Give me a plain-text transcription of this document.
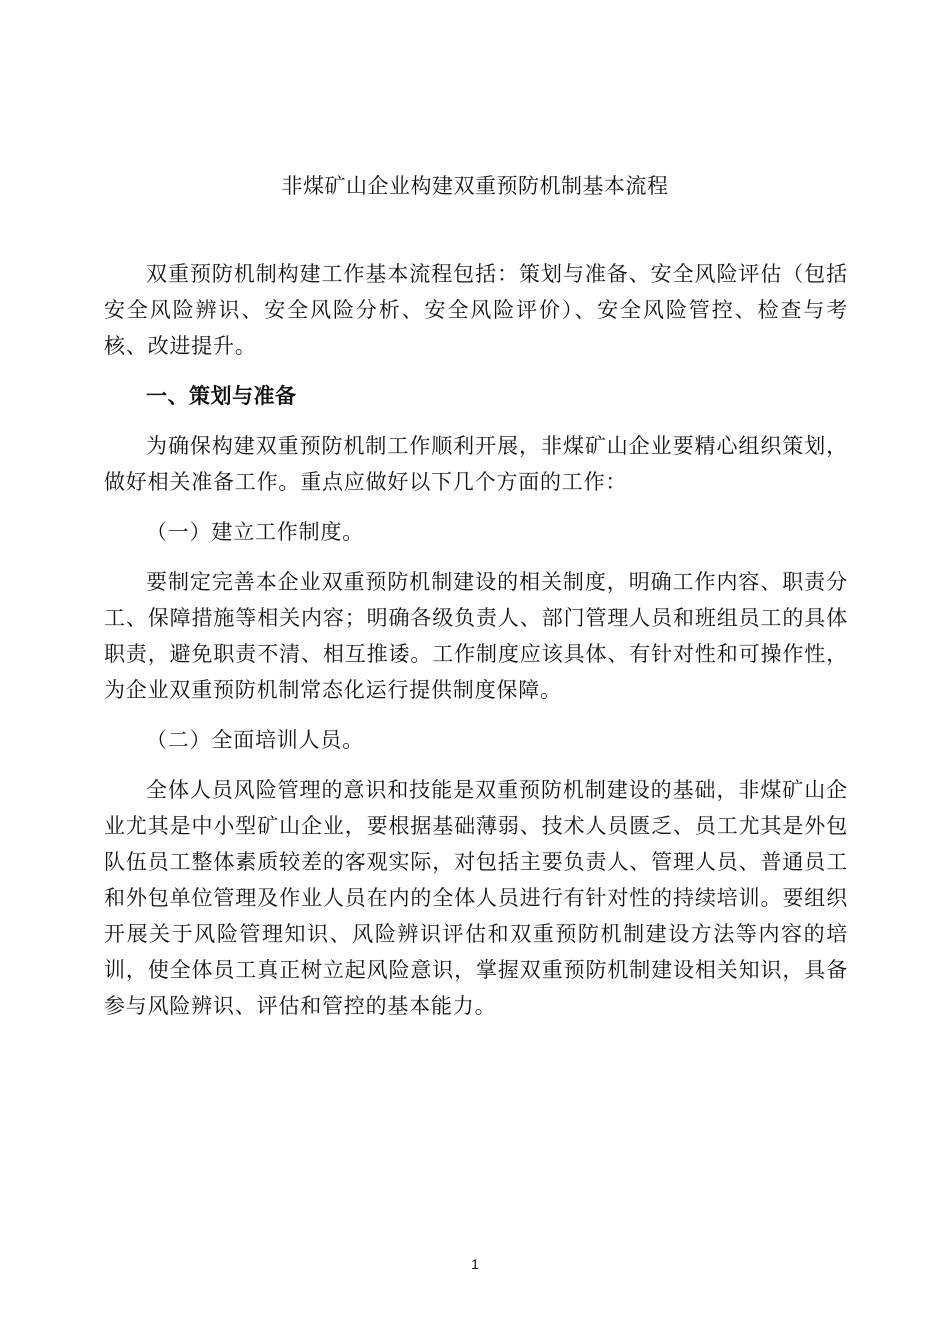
非煤矿山企业构建双重预防机制基本流程

双重预防机制构建工作基本流程包括：策划与准备、安全风险评估（包括安全风险辨识、安全风险分析、安全风险评价）、安全风险管控、检查与考核、改进提升。

一、策划与准备

为确保构建双重预防机制工作顺利开展，非煤矿山企业要精心组织策划，做好相关准备工作。重点应做好以下几个方面的工作：

（一）建立工作制度。

要制定完善本企业双重预防机制建设的相关制度，明确工作内容、职责分工、保障措施等相关内容；明确各级负责人、部门管理人员和班组员工的具体职责，避免职责不清、相互推诿。工作制度应该具体、有针对性和可操作性，为企业双重预防机制常态化运行提供制度保障。

（二）全面培训人员。

全体人员风险管理的意识和技能是双重预防机制建设的基础，非煤矿山企业尤其是中小型矿山企业，要根据基础薄弱、技术人员匮乏、员工尤其是外包队伍员工整体素质较差的客观实际，对包括主要负责人、管理人员、普通员工和外包单位管理及作业人员在内的全体人员进行有针对性的持续培训。要组织开展关于风险管理知识、风险辨识评估和双重预防机制建设方法等内容的培训，使全体员工真正树立起风险意识，掌握双重预防机制建设相关知识，具备参与风险辨识、评估和管控的基本能力。

1
